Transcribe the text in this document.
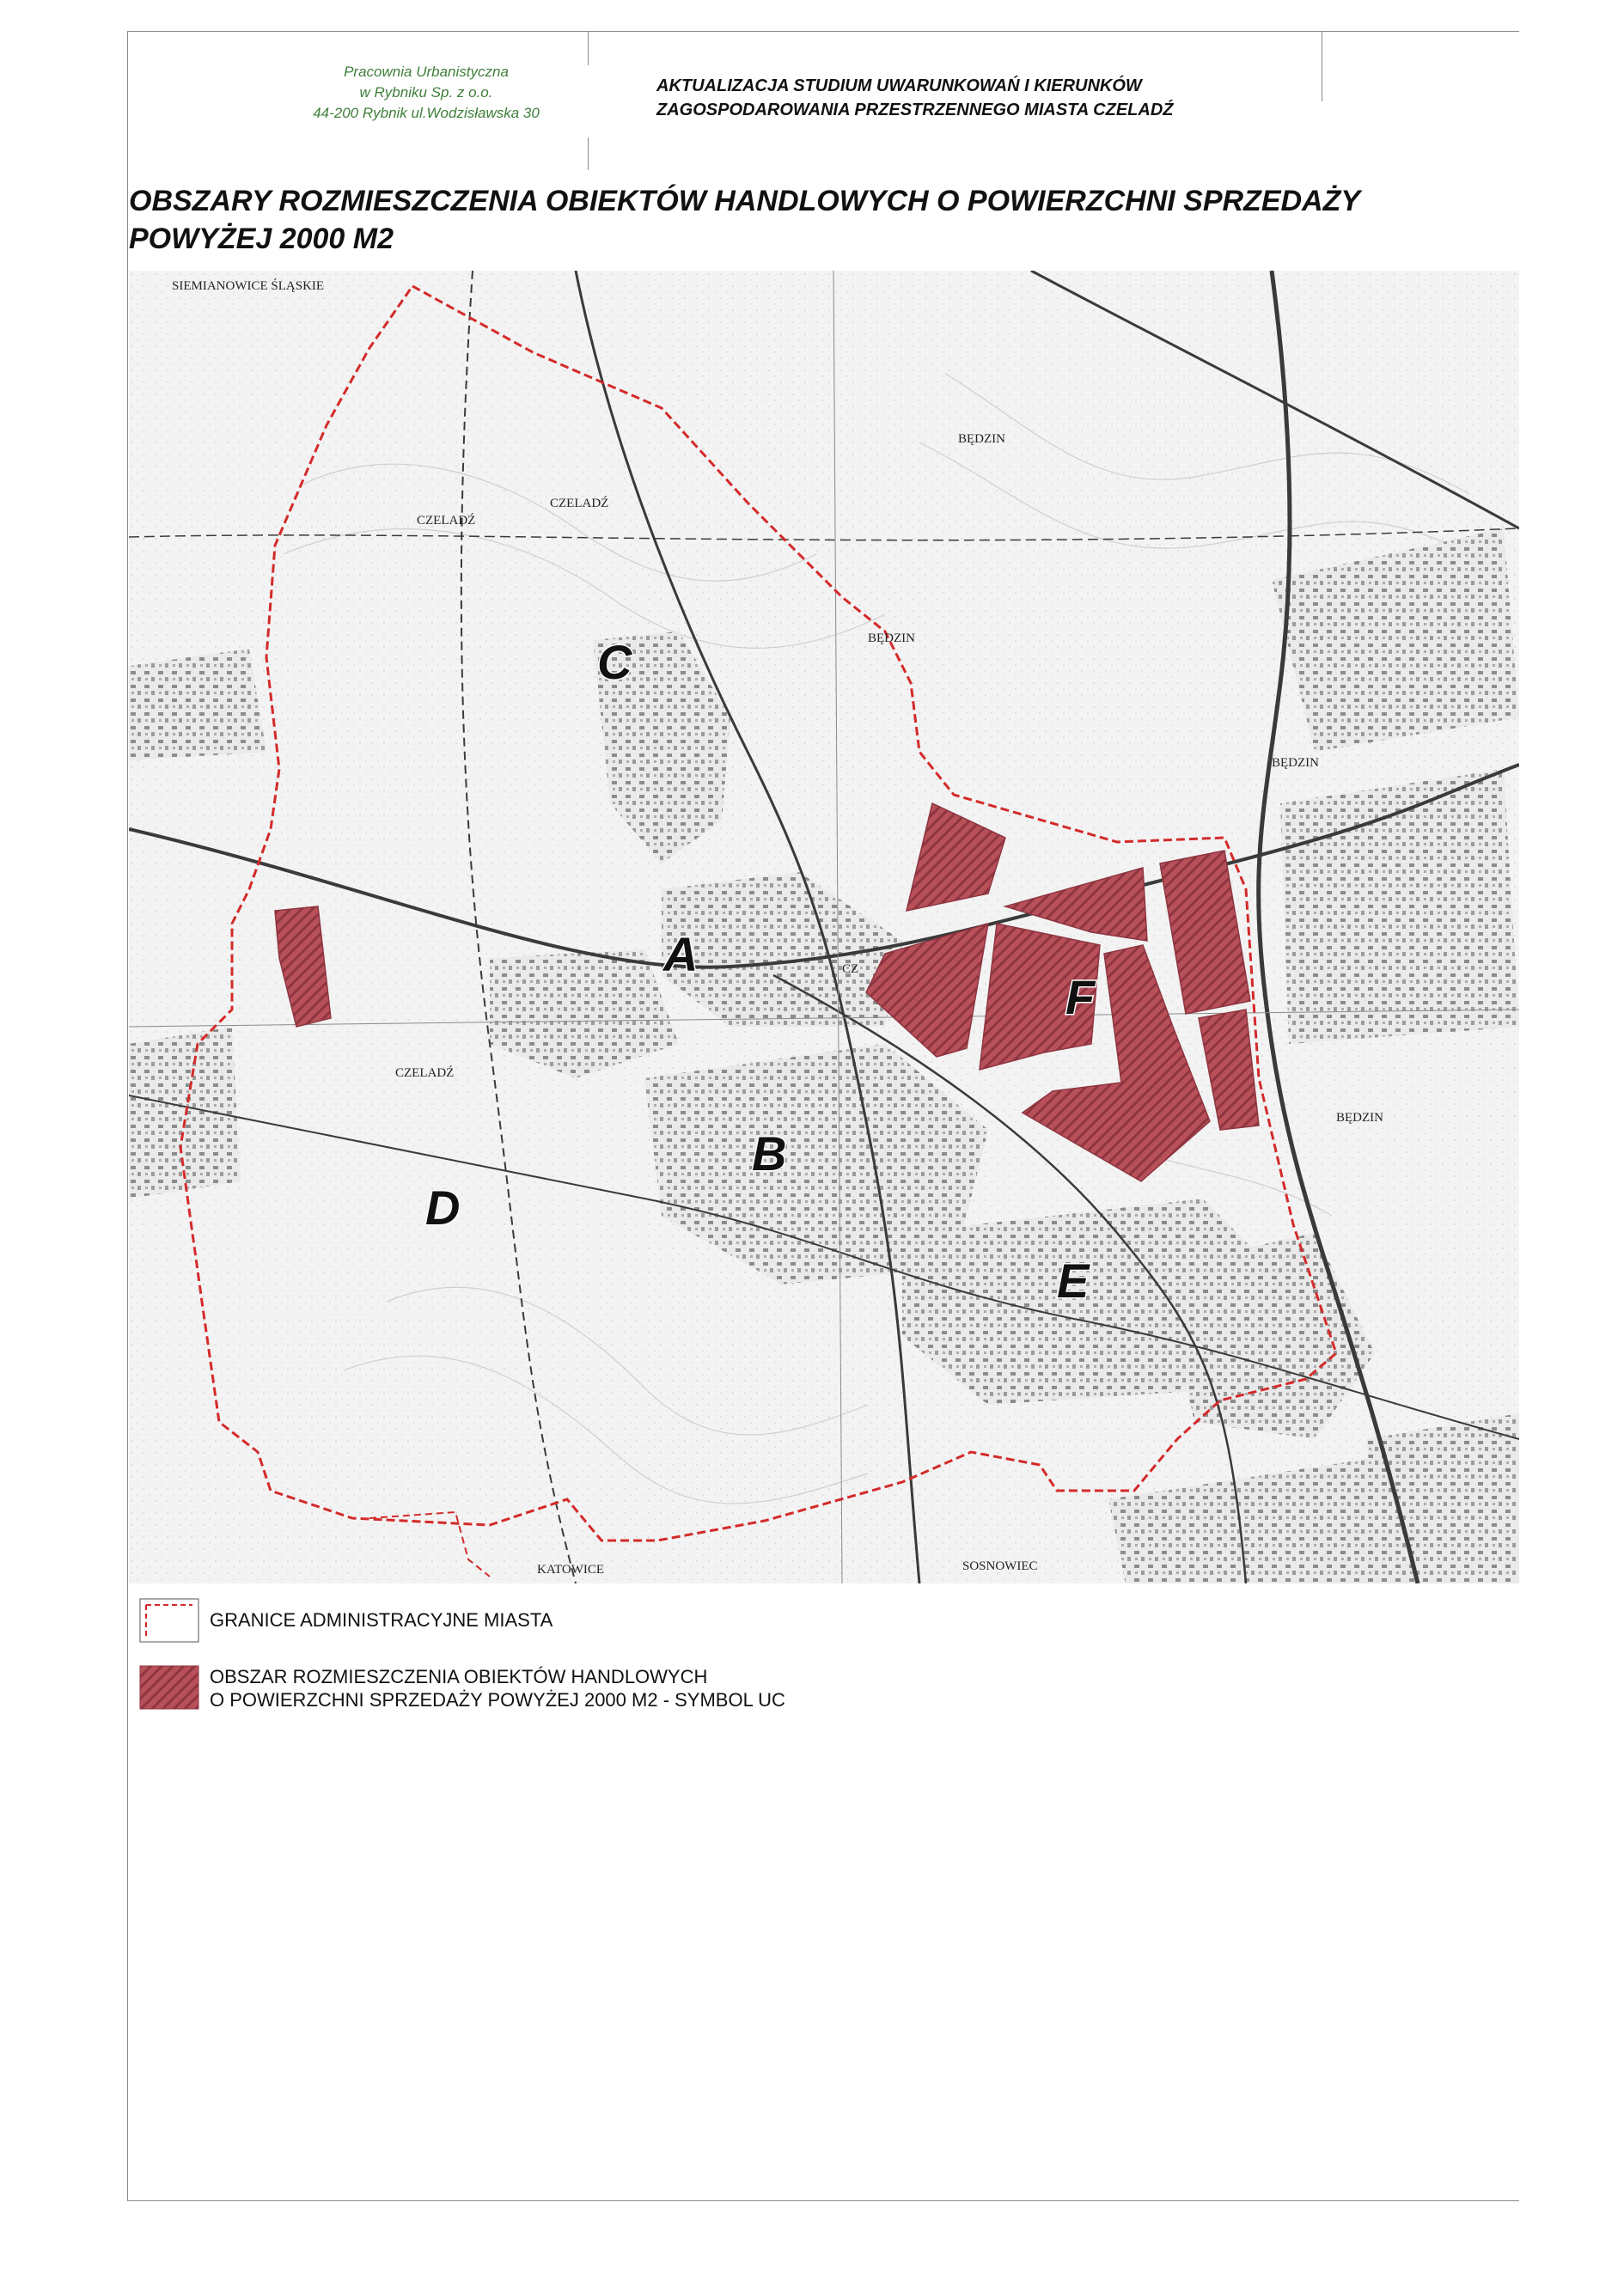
Pracownia Urbanistyczna
w Rybniku Sp. z o.o.
44-200 Rybnik ul.Wodzisławska 30
AKTUALIZACJA STUDIUM UWARUNKOWAŃ I KIERUNKÓW
ZAGOSPODAROWANIA PRZESTRZENNEGO MIASTA CZELADŹ
OBSZARY ROZMIESZCZENIA OBIEKTÓW HANDLOWYCH O POWIERZCHNI SPRZEDAŻY
POWYŻEJ 2000 M2
SIEMIANOWICE ŚLĄSKIE
CZELADŹ
CZELADŹ
CZELADŹ
CZ
BĘDZIN
BĘDZIN
BĘDZIN
BĘDZIN
KATOWICE	SOSNOWIEC
A
B
C
D
E
F
GRANICE ADMINISTRACYJNE MIASTA
OBSZAR ROZMIESZCZENIA OBIEKTÓW HANDLOWYCH
O POWIERZCHNI SPRZEDAŻY POWYŻEJ 2000 M2 - SYMBOL UC
